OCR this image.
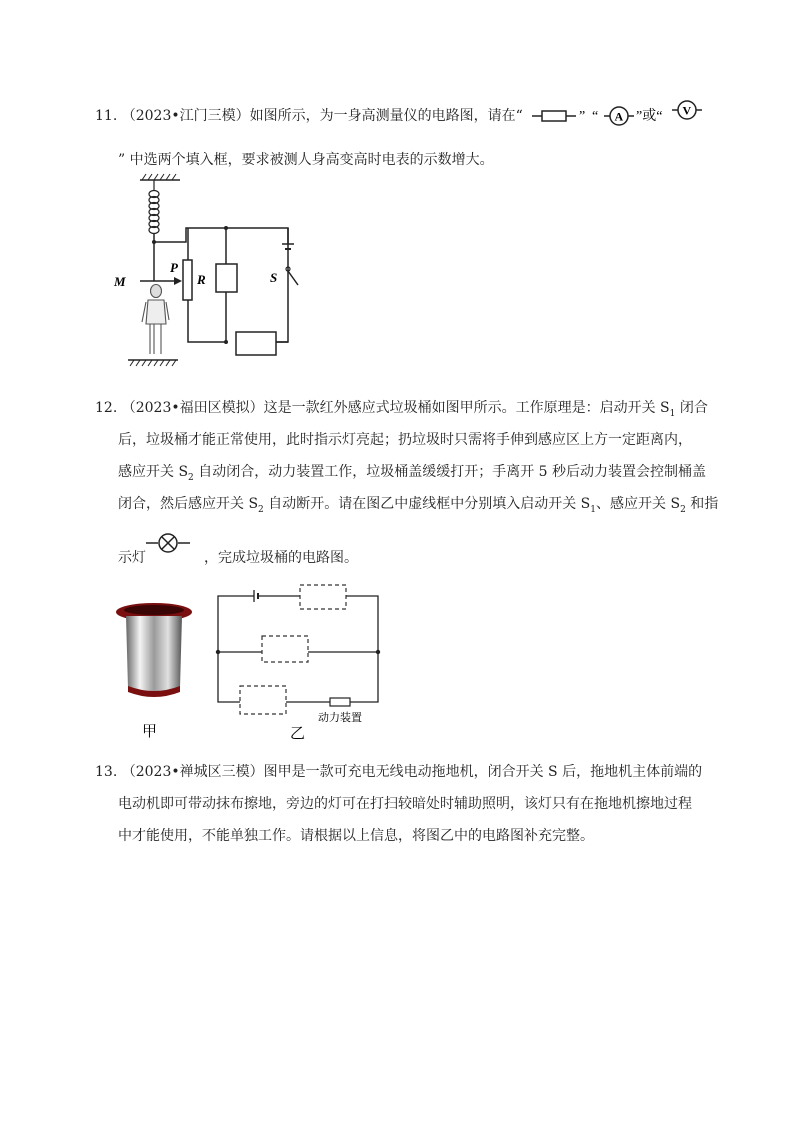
11. （2023•江门三模）如图所示，为一身高测量仪的电路图，请在“	” “ A ”或“ V
” 中选两个填入框，要求被测人身高变高时电表的示数增大。
S
P
R
M
12. （2023•福田区模拟）这是一款红外感应式垃圾桶如图甲所示。工作原理是：启动开关 $S_1$ 闭合
后，垃圾桶才能正常使用，此时指示灯亮起；扔垃圾时只需将手伸到感应区上方一定距离内，
感应开关 $S_2$ 自动闭合，动力装置工作，垃圾桶盖缓缓打开；手离开 5 秒后动力装置会控制桶盖
闭合，然后感应开关 $S_2$ 自动断开。请在图乙中虚线框中分别填入启动开关 $S_1$、感应开关 $S_2$ 和指
示灯	，完成垃圾桶的电路图。
甲
动力装置
乙
13. （2023•禅城区三模）图甲是一款可充电无线电动拖地机，闭合开关 S 后，拖地机主体前端的
电动机即可带动抹布擦地，旁边的灯可在打扫较暗处时辅助照明，该灯只有在拖地机擦地过程
中才能使用，不能单独工作。请根据以上信息，将图乙中的电路图补充完整。
